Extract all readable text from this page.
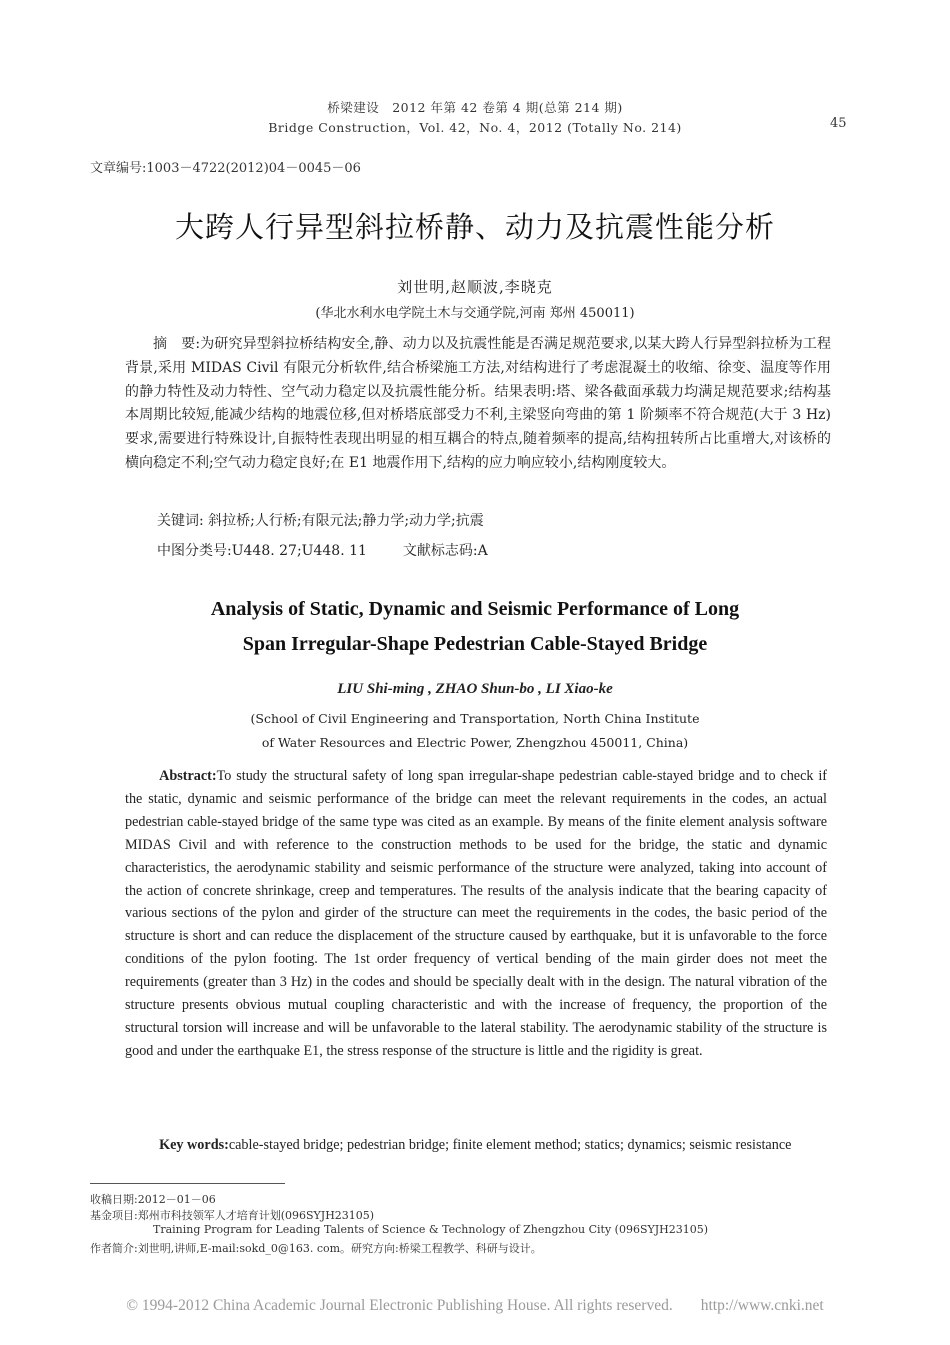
桥梁建设　2012 年第 42 卷第 4 期(总第 214 期)
Bridge Construction，Vol. 42，No. 4，2012 (Totally No. 214)	45
文章编号:1003－4722(2012)04－0045－06
大跨人行异型斜拉桥静、动力及抗震性能分析
刘世明,赵顺波,李晓克
(华北水利水电学院土木与交通学院,河南 郑州 450011)
摘　要:为研究异型斜拉桥结构安全,静、动力以及抗震性能是否满足规范要求,以某大跨人行异型斜拉桥为工程背景,采用 MIDAS Civil 有限元分析软件,结合桥梁施工方法,对结构进行了考虑混凝土的收缩、徐变、温度等作用的静力特性及动力特性、空气动力稳定以及抗震性能分析。结果表明:塔、梁各截面承载力均满足规范要求;结构基本周期比较短,能减少结构的地震位移,但对桥塔底部受力不利,主梁竖向弯曲的第 1 阶频率不符合规范(大于 3 Hz)要求,需要进行特殊设计,自振特性表现出明显的相互耦合的特点,随着频率的提高,结构扭转所占比重增大,对该桥的横向稳定不利;空气动力稳定良好;在 E1 地震作用下,结构的应力响应较小,结构刚度较大。
关键词: 斜拉桥;人行桥;有限元法;静力学;动力学;抗震
中图分类号:U448. 27;U448. 11	文献标志码:A
Analysis of Static, Dynamic and Seismic Performance of Long
Span Irregular-Shape Pedestrian Cable-Stayed Bridge
LIU Shi-ming , ZHAO Shun-bo , LI Xiao-ke
(School of Civil Engineering and Transportation, North China Institute
of Water Resources and Electric Power, Zhengzhou 450011, China)
Abstract:To study the structural safety of long span irregular-shape pedestrian cable-stayed bridge and to check if the static, dynamic and seismic performance of the bridge can meet the relevant requirements in the codes, an actual pedestrian cable-stayed bridge of the same type was cited as an example. By means of the finite element analysis software MIDAS Civil and with reference to the construction methods to be used for the bridge, the static and dynamic characteristics, the aerodynamic stability and seismic performance of the structure were analyzed, taking into account of the action of concrete shrinkage, creep and temperatures. The results of the analysis indicate that the bearing capacity of various sections of the pylon and girder of the structure can meet the requirements in the codes, the basic period of the structure is short and can reduce the displacement of the structure caused by earthquake, but it is unfavorable to the force conditions of the pylon footing. The 1st order frequency of vertical bending of the main girder does not meet the requirements (greater than 3 Hz) in the codes and should be specially dealt with in the design. The natural vibration of the structure presents obvious mutual coupling characteristic and with the increase of frequency, the proportion of the structural torsion will increase and will be unfavorable to the lateral stability. The aerodynamic stability of the structure is good and under the earthquake E1, the stress response of the structure is little and the rigidity is great.
Key words:cable-stayed bridge; pedestrian bridge; finite element method; statics; dynamics; seismic resistance
收稿日期:2012－01－06
基金项目:郑州市科技领军人才培育计划(096SYJH23105)
Training Program for Leading Talents of Science & Technology of Zhengzhou City (096SYJH23105)
作者简介:刘世明,讲师,E-mail:sokd_0@163. com。研究方向:桥梁工程教学、科研与设计。
© 1994-2012 China Academic Journal Electronic Publishing House. All rights reserved. http://www.cnki.net
